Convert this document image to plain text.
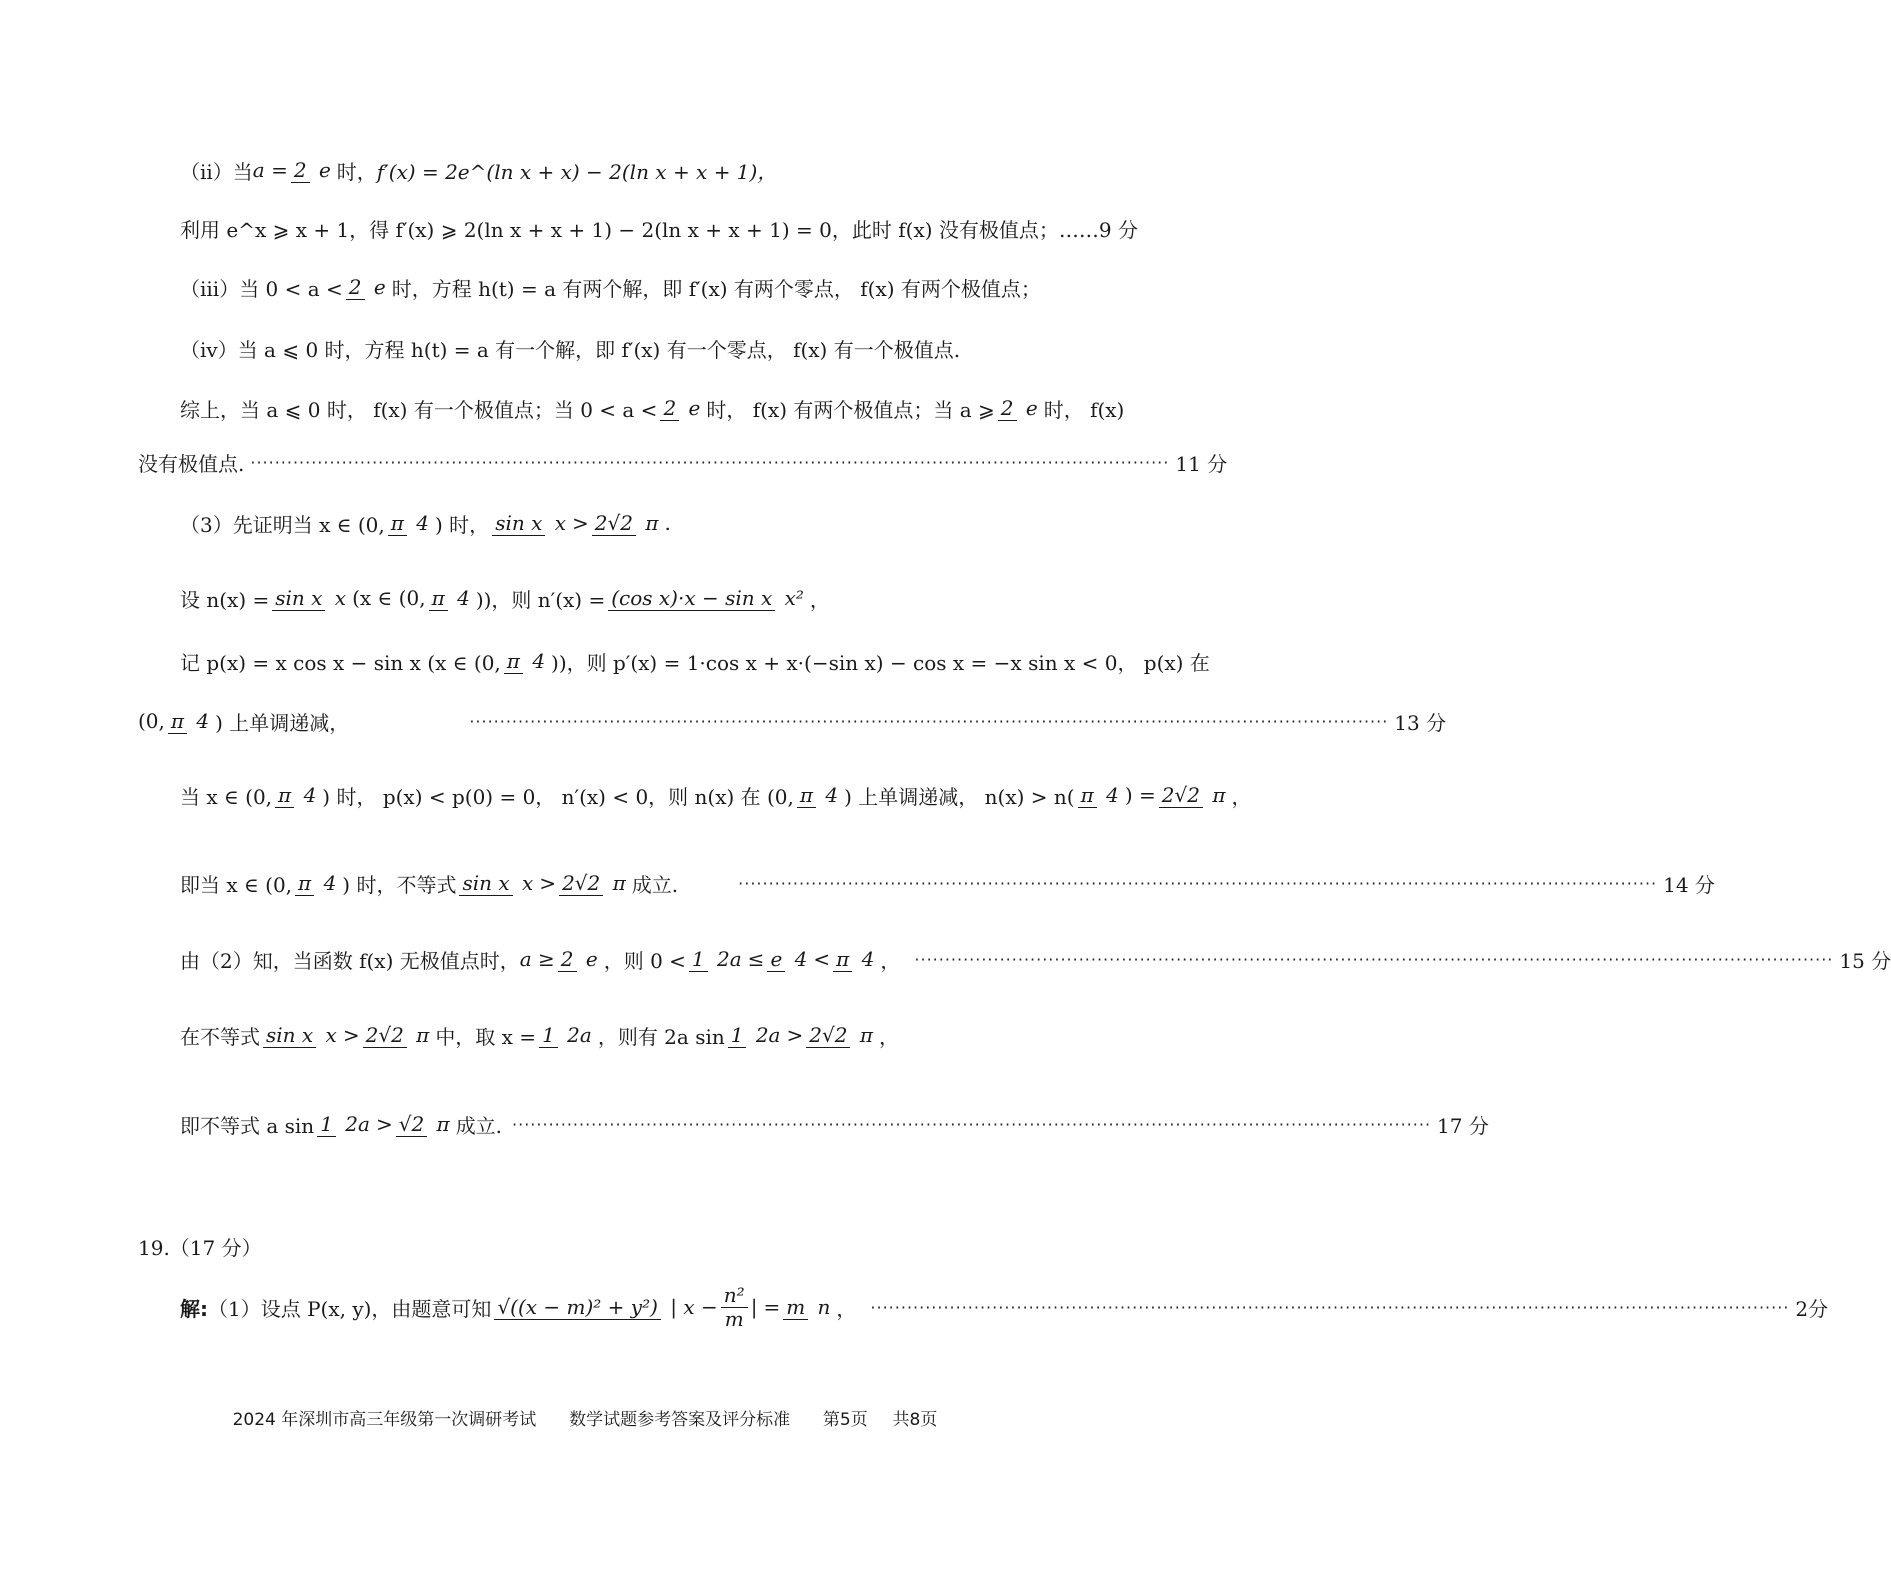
（ii）当 a = 2 e 时， f′(x) = 2e^(ln x + x) − 2(ln x + x + 1)，
利用 e^x ⩾ x + 1，得 f′(x) ⩾ 2(ln x + x + 1) − 2(ln x + x + 1) = 0，此时 f(x) 没有极值点； ……9 分
（iii）当 0 < a < 2 e 时，方程 h(t) = a 有两个解，即 f′(x) 有两个零点， f(x) 有两个极值点；
（iv）当 a ⩽ 0 时，方程 h(t) = a 有一个解，即 f′(x) 有一个零点， f(x) 有一个极值点.
综上，当 a ⩽ 0 时， f(x) 有一个极值点；当 0 < a < 2 e 时， f(x) 有两个极值点；当 a ⩾ 2 e 时， f(x)
没有极值点. ······················································································································································· 11 分
（3）先证明当 x ∈ (0, π 4 ) 时， sin x x > 2√2 π .
设 n(x) = sin x x (x ∈ (0, π 4 ))，则 n′(x) = (cos x)·x − sin x x² ，
记 p(x) = x cos x − sin x (x ∈ (0, π 4 ))，则 p′(x) = 1·cos x + x·(−sin x) − cos x = −x sin x < 0， p(x) 在
(0, π 4 ) 上单调递减，	······················································································································································· 13 分
当 x ∈ (0, π 4 ) 时， p(x) < p(0) = 0， n′(x) < 0，则 n(x) 在 (0, π 4 ) 上单调递减， n(x) > n( π 4 ) = 2√2 π ，
即当 x ∈ (0, π 4 ) 时，不等式 sin x x > 2√2 π 成立.	······················································································································································· 14 分
由（2）知，当函数 f(x) 无极值点时， a ≥ 2 e ，则 0 < 1 2a ≤ e 4 < π 4 ， ······················································································································································· 15 分
在不等式 sin x x > 2√2 π 中，取 x = 1 2a ，则有 2a sin 1 2a > 2√2 π ，
即不等式 a sin 1 2a > √2 π 成立. ······················································································································································· 17 分
19.（17 分）
解: （1）设点 P(x, y)，由题意可知 √((x − m)² + y²) | $x - \frac{\text{n²}}{m}$ | = m n ， ······················································································································································· 2分
2024 年深圳市高三年级第一次调研考试 数学试题参考答案及评分标准 第5页 共8页
